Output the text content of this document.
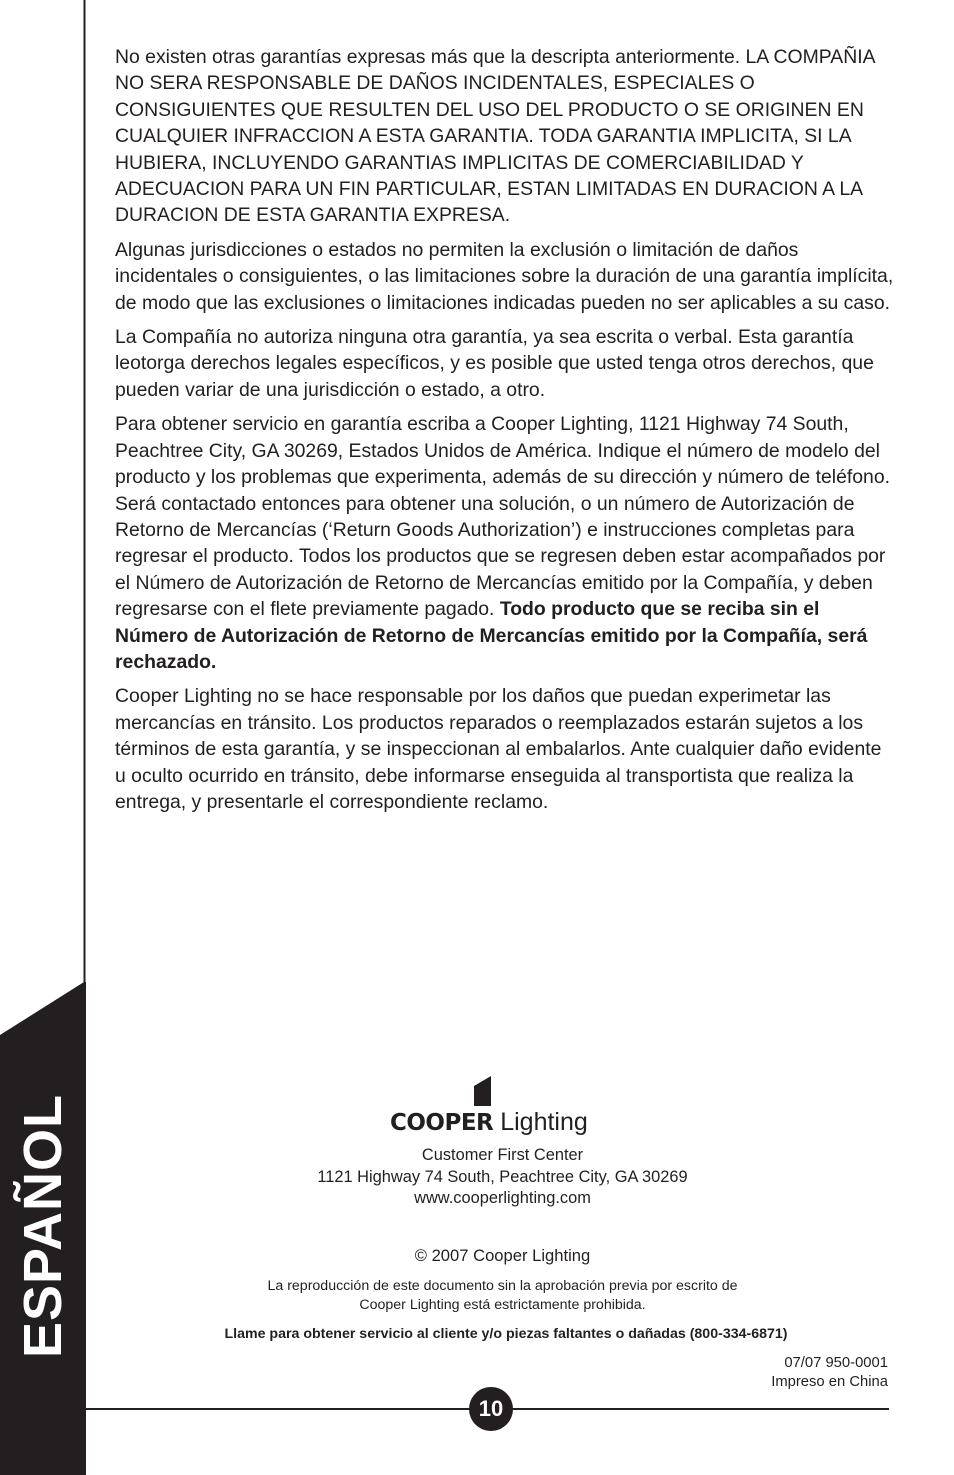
ESPAÑOL

No existen otras garantías expresas más que la descripta anteriormente. LA COMPAÑIA NO SERA RESPONSABLE DE DAÑOS INCIDENTALES, ESPECIALES O CONSIGUIENTES QUE RESULTEN DEL USO DEL PRODUCTO O SE ORIGINEN EN CUALQUIER INFRACCION A ESTA GARANTIA. TODA GARANTIA IMPLICITA, SI LA HUBIERA, INCLUYENDO GARANTIAS IMPLICITAS DE COMERCIABILIDAD Y ADECUACION PARA UN FIN PARTICULAR, ESTAN LIMITADAS EN DURACION A LA DURACION DE ESTA GARANTIA EXPRESA.

Algunas jurisdicciones o estados no permiten la exclusión o limitación de daños incidentales o consiguientes, o las limitaciones sobre la duración de una garantía implícita, de modo que las exclusiones o limitaciones indicadas pueden no ser aplicables a su caso.

La Compañía no autoriza ninguna otra garantía, ya sea escrita o verbal. Esta garantía leotorga derechos legales específicos, y es posible que usted tenga otros derechos, que pueden variar de una jurisdicción o estado, a otro.

Para obtener servicio en garantía escriba a Cooper Lighting, 1121 Highway 74 South, Peachtree City, GA 30269, Estados Unidos de América. Indique el número de modelo del producto y los problemas que experimenta, además de su dirección y número de teléfono. Será contactado entonces para obtener una solución, o un número de Autorización de Retorno de Mercancías (‘Return Goods Authorization’) e instrucciones completas para regresar el producto. Todos los productos que se regresen deben estar acompañados por el Número de Autorización de Retorno de Mercancías emitido por la Compañía, y deben regresarse con el flete previamente pagado. Todo producto que se reciba sin el Número de Autorización de Retorno de Mercancías emitido por la Compañía, será rechazado.

Cooper Lighting no se hace responsable por los daños que puedan experimetar las mercancías en tránsito. Los productos reparados o reemplazados estarán sujetos a los términos de esta garantía, y se inspeccionan al embalarlos. Ante cualquier daño evidente u oculto ocurrido en tránsito, debe informarse enseguida al transportista que realiza la entrega, y presentarle el correspondiente reclamo.

COOPER Lighting
Customer First Center
1121 Highway 74 South, Peachtree City, GA 30269
www.cooperlighting.com
© 2007 Cooper Lighting
La reproducción de este documento sin la aprobación previa por escrito de
Cooper Lighting está estrictamente prohibida.
Llame para obtener servicio al cliente y/o piezas faltantes o dañadas (800-334-6871)
07/07 950-0001
Impreso en China
10
